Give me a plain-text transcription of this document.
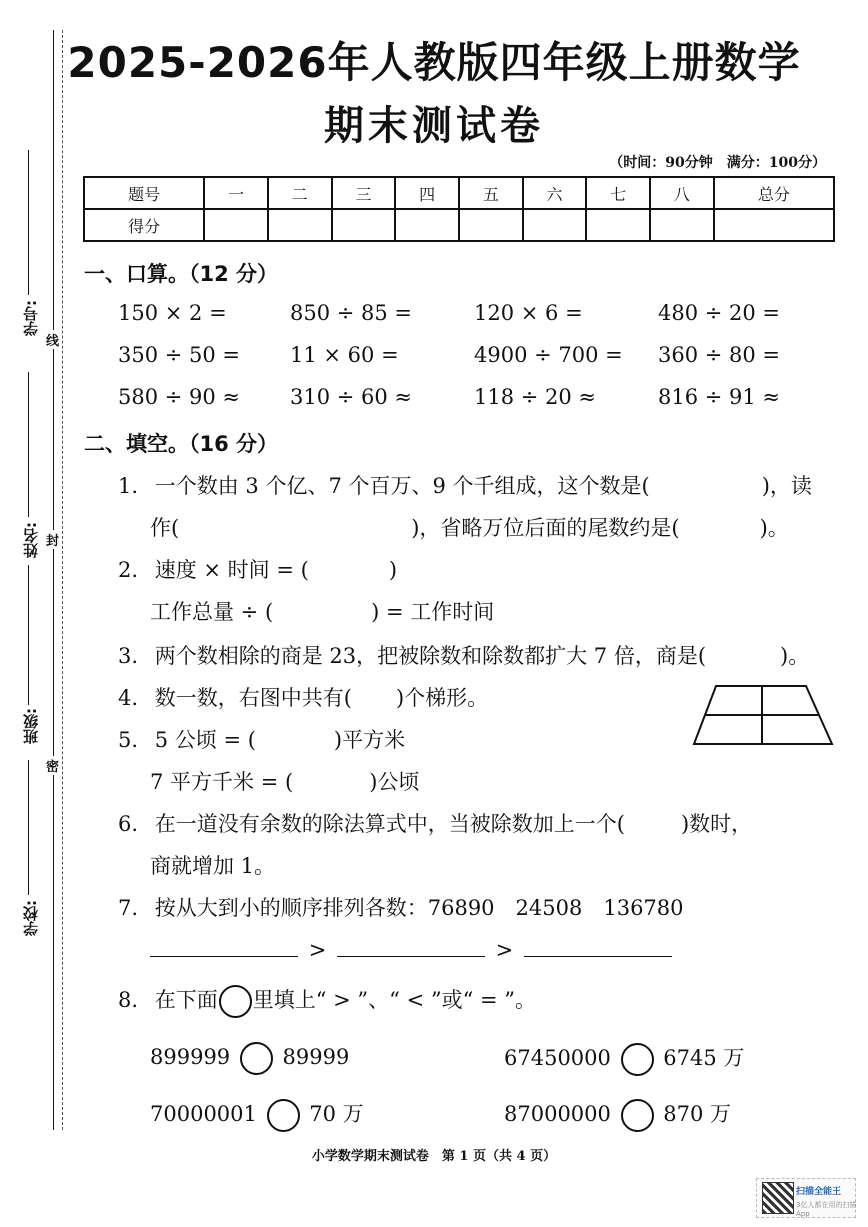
2025-2026年人教版四年级上册数学
期末测试卷
（时间：90分钟　满分：100分）
题号	一	二	三	四	五	六	七	八	总分
得分									
学号:
线
姓名: 封
班级:
密
学校:
一、口算。（12 分）
150 × 2 =	850 ÷ 85 =	120 × 6 =	480 ÷ 20 =
350 ÷ 50 = 11 × 60 =	4900 ÷ 700 = 360 ÷ 80 =
580 ÷ 90 ≈ 310 ÷ 60 ≈	118 ÷ 20 ≈	816 ÷ 91 ≈
二、填空。（16 分）
1. 一个数由 3 个亿、7 个百万、9 个千组成，这个数是(	)，读
作(	)，省略万位后面的尾数约是(	)。
2. 速度 × 时间 = (	)
工作总量 ÷ (	) = 工作时间
3. 两个数相除的商是 23，把被除数和除数都扩大 7 倍，商是(	)。
4. 数一数，右图中共有( )个梯形。
5. 5 公顷 = (	)平方米
7 平方千米 = (	)公顷
6. 在一道没有余数的除法算式中，当被除数加上一个(	)数时，
商就增加 1。
7. 按从大到小的顺序排列各数：76890　24508　136780
>	>
8. 在下面 里填上“ > ”、“ < ”或“ = ”。
899999 89999	67450000 6745 万
70000001 70 万	87000000 870 万
小学数学期末测试卷　第 1 页（共 4 页）
扫描全能王
3亿人都在用的扫描App
